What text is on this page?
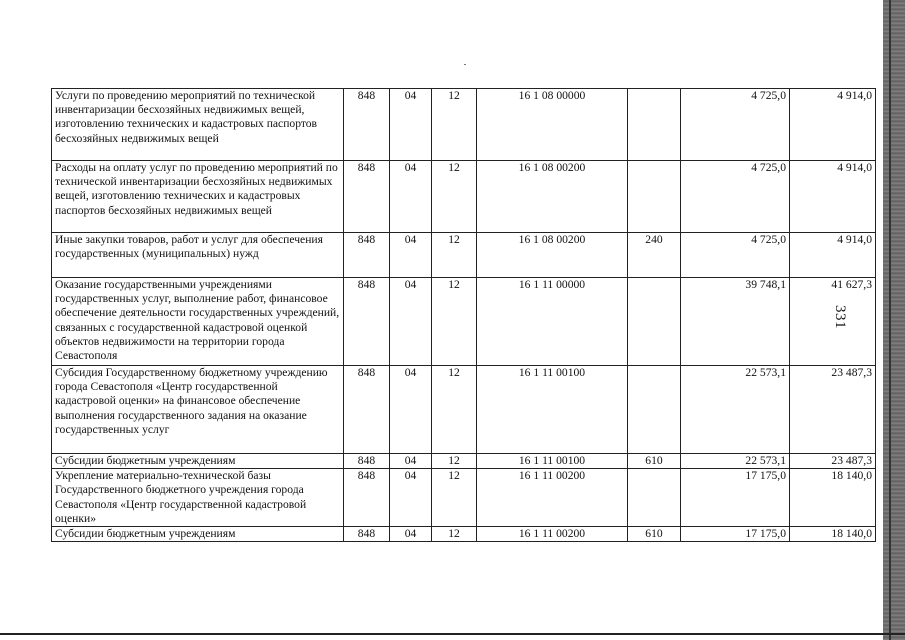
Услуги по проведению мероприятий по технической инвентаризации бесхозяйных недвижимых вещей, изготовлению технических и кадастровых паспортов бесхозяйных недвижимых вещей	848	04	12	16 1 08 00000		4 725,0	4 914,0
Расходы на оплату услуг по проведению мероприятий по технической инвентаризации бесхозяйных недвижимых вещей, изготовлению технических и кадастровых паспортов бесхозяйных недвижимых вещей	848	04	12	16 1 08 00200		4 725,0	4 914,0
Иные закупки товаров, работ и услуг для обеспечения государственных (муниципальных) нужд	848	04	12	16 1 08 00200	240	4 725,0	4 914,0
Оказание государственными учреждениями государственных услуг, выполнение работ, финансовое обеспечение деятельности государственных учреждений, связанных с государственной кадастровой оценкой объектов недвижимости на территории города Севастополя	848	04	12	16 1 11 00000		39 748,1	41 627,3
Субсидия Государственному бюджетному учреждению города Севастополя «Центр государственной кадастровой оценки» на финансовое обеспечение выполнения государственного задания на оказание государственных услуг	848	04	12	16 1 11 00100		22 573,1	23 487,3
Субсидии бюджетным учреждениям	848	04	12	16 1 11 00100	610	22 573,1	23 487,3
Укрепление материально-технической базы Государственного бюджетного учреждения города Севастополя «Центр государственной кадастровой оценки»	848	04	12	16 1 11 00200		17 175,0	18 140,0
Субсидии бюджетным учреждениям	848	04	12	16 1 11 00200	610	17 175,0	18 140,0
331
